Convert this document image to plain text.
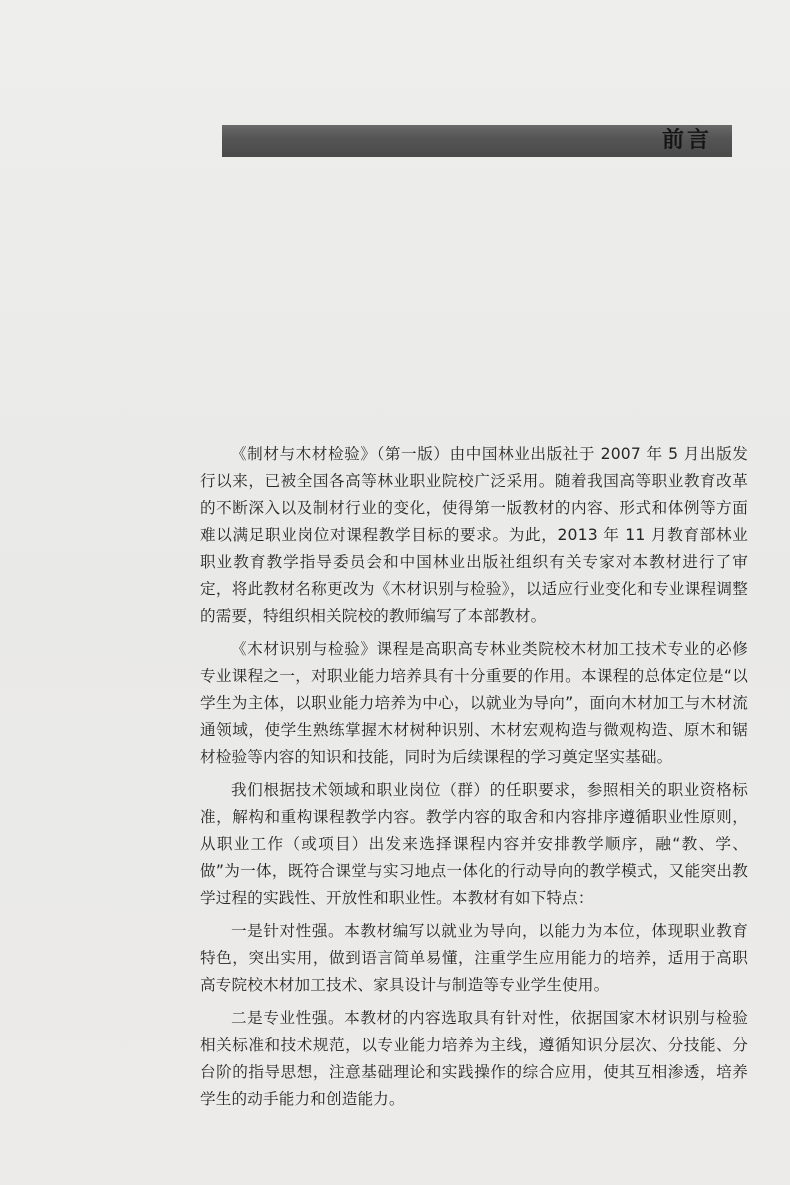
前言

《制材与木材检验》（第一版）由中国林业出版社于 2007 年 5 月出版发行以来，已被全国各高等林业职业院校广泛采用。随着我国高等职业教育改革的不断深入以及制材行业的变化，使得第一版教材的内容、形式和体例等方面难以满足职业岗位对课程教学目标的要求。为此，2013 年 11 月教育部林业职业教育教学指导委员会和中国林业出版社组织有关专家对本教材进行了审定，将此教材名称更改为《木材识别与检验》，以适应行业变化和专业课程调整的需要，特组织相关院校的教师编写了本部教材。

《木材识别与检验》课程是高职高专林业类院校木材加工技术专业的必修专业课程之一，对职业能力培养具有十分重要的作用。本课程的总体定位是“以学生为主体，以职业能力培养为中心，以就业为导向”，面向木材加工与木材流通领域，使学生熟练掌握木材树种识别、木材宏观构造与微观构造、原木和锯材检验等内容的知识和技能，同时为后续课程的学习奠定坚实基础。

我们根据技术领域和职业岗位（群）的任职要求，参照相关的职业资格标准，解构和重构课程教学内容。教学内容的取舍和内容排序遵循职业性原则，从职业工作（或项目）出发来选择课程内容并安排教学顺序，融“教、学、做”为一体，既符合课堂与实习地点一体化的行动导向的教学模式，又能突出教学过程的实践性、开放性和职业性。本教材有如下特点：

一是针对性强。本教材编写以就业为导向，以能力为本位，体现职业教育特色，突出实用，做到语言简单易懂，注重学生应用能力的培养，适用于高职高专院校木材加工技术、家具设计与制造等专业学生使用。

二是专业性强。本教材的内容选取具有针对性，依据国家木材识别与检验相关标准和技术规范，以专业能力培养为主线，遵循知识分层次、分技能、分台阶的指导思想，注意基础理论和实践操作的综合应用，使其互相渗透，培养学生的动手能力和创造能力。
